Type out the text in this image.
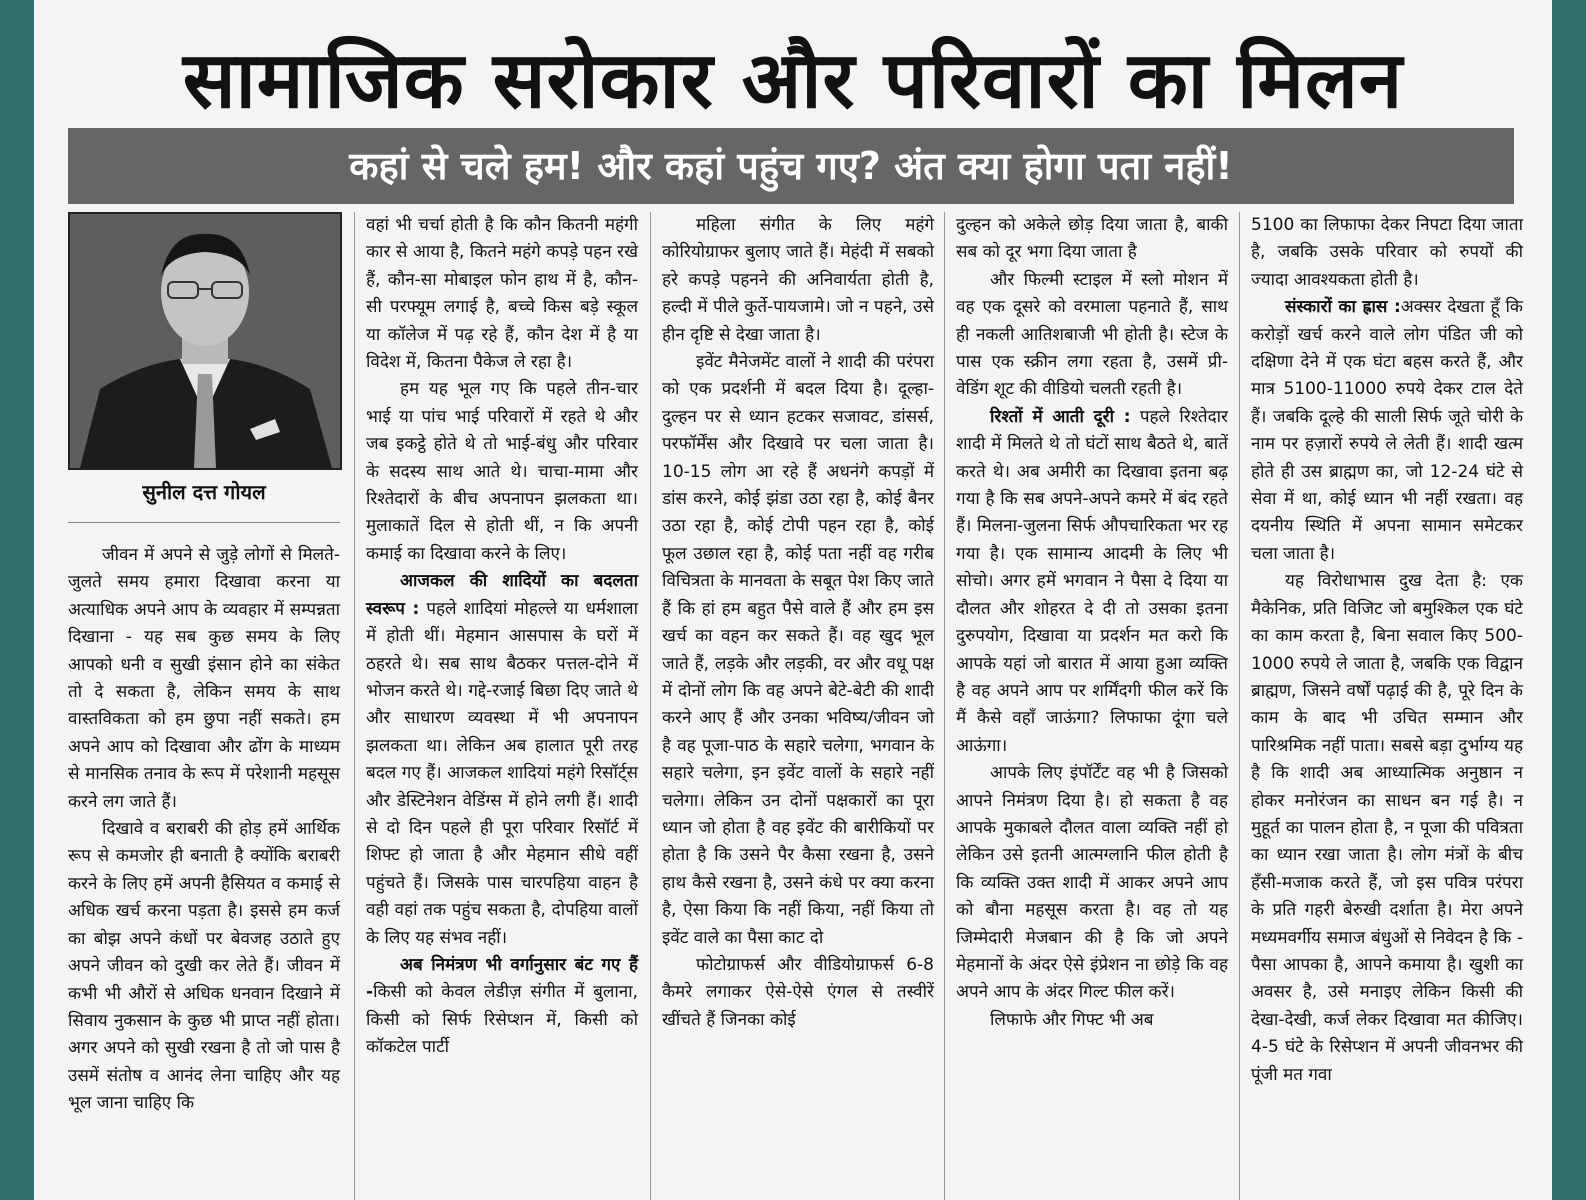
सामाजिक सरोकार और परिवारों का मिलन
कहां से चले हम! और कहां पहुंच गए? अंत क्या होगा पता नहीं!
सुनील दत्त गोयल

जीवन में अपने से जुड़े लोगों से मिलते-जुलते समय हमारा दिखावा करना या अत्याधिक अपने आप के व्यवहार में सम्पन्नता दिखाना - यह सब कुछ समय के लिए आपको धनी व सुखी इंसान होने का संकेत तो दे सकता है, लेकिन समय के साथ वास्तविकता को हम छुपा नहीं सकते। हम अपने आप को दिखावा और ढोंग के माध्यम से मानसिक तनाव के रूप में परेशानी महसूस करने लग जाते हैं।

दिखावे व बराबरी की होड़ हमें आर्थिक रूप से कमजोर ही बनाती है क्योंकि बराबरी करने के लिए हमें अपनी हैसियत व कमाई से अधिक खर्च करना पड़ता है। इससे हम कर्ज का बोझ अपने कंधों पर बेवजह उठाते हुए अपने जीवन को दुखी कर लेते हैं। जीवन में कभी भी औरों से अधिक धनवान दिखाने में सिवाय नुकसान के कुछ भी प्राप्त नहीं होता। अगर अपने को सुखी रखना है तो जो पास है उसमें संतोष व आनंद लेना चाहिए और यह भूल जाना चाहिए कि

वहां भी चर्चा होती है कि कौन कितनी महंगी कार से आया है, कितने महंगे कपड़े पहन रखे हैं, कौन-सा मोबाइल फोन हाथ में है, कौन-सी परफ्यूम लगाई है, बच्चे किस बड़े स्कूल या कॉलेज में पढ़ रहे हैं, कौन देश में है या विदेश में, कितना पैकेज ले रहा है।

हम यह भूल गए कि पहले तीन-चार भाई या पांच भाई परिवारों में रहते थे और जब इकट्ठे होते थे तो भाई-बंधु और परिवार के सदस्य साथ आते थे। चाचा-मामा और रिश्तेदारों के बीच अपनापन झलकता था। मुलाकातें दिल से होती थीं, न कि अपनी कमाई का दिखावा करने के लिए।

आजकल की शादियों का बदलता स्वरूप : पहले शादियां मोहल्ले या धर्मशाला में होती थीं। मेहमान आसपास के घरों में ठहरते थे। सब साथ बैठकर पत्तल-दोने में भोजन करते थे। गद्दे-रजाई बिछा दिए जाते थे और साधारण व्यवस्था में भी अपनापन झलकता था। लेकिन अब हालात पूरी तरह बदल गए हैं। आजकल शादियां महंगे रिसॉर्ट्स और डेस्टिनेशन वेडिंग्स में होने लगी हैं। शादी से दो दिन पहले ही पूरा परिवार रिसॉर्ट में शिफ्ट हो जाता है और मेहमान सीधे वहीं पहुंचते हैं। जिसके पास चारपहिया वाहन है वही वहां तक पहुंच सकता है, दोपहिया वालों के लिए यह संभव नहीं।

अब निमंत्रण भी वर्गानुसार बंट गए हैं -किसी को केवल लेडीज़ संगीत में बुलाना, किसी को सिर्फ रिसेप्शन में, किसी को कॉकटेल पार्टी

महिला संगीत के लिए महंगे कोरियोग्राफर बुलाए जाते हैं। मेहंदी में सबको हरे कपड़े पहनने की अनिवार्यता होती है, हल्दी में पीले कुर्ते-पायजामे। जो न पहने, उसे हीन दृष्टि से देखा जाता है।

इवेंट मैनेजमेंट वालों ने शादी की परंपरा को एक प्रदर्शनी में बदल दिया है। दूल्हा-दुल्हन पर से ध्यान हटकर सजावट, डांसर्स, परफॉर्मेंस और दिखावे पर चला जाता है। 10-15 लोग आ रहे हैं अधनंगे कपड़ों में डांस करने, कोई झंडा उठा रहा है, कोई बैनर उठा रहा है, कोई टोपी पहन रहा है, कोई फूल उछाल रहा है, कोई पता नहीं वह गरीब विचित्रता के मानवता के सबूत पेश किए जाते हैं कि हां हम बहुत पैसे वाले हैं और हम इस खर्च का वहन कर सकते हैं। वह खुद भूल जाते हैं, लड़के और लड़की, वर और वधू पक्ष में दोनों लोग कि वह अपने बेटे-बेटी की शादी करने आए हैं और उनका भविष्य/जीवन जो है वह पूजा-पाठ के सहारे चलेगा, भगवान के सहारे चलेगा, इन इवेंट वालों के सहारे नहीं चलेगा। लेकिन उन दोनों पक्षकारों का पूरा ध्यान जो होता है वह इवेंट की बारीकियों पर होता है कि उसने पैर कैसा रखना है, उसने हाथ कैसे रखना है, उसने कंधे पर क्या करना है, ऐसा किया कि नहीं किया, नहीं किया तो इवेंट वाले का पैसा काट दो

फोटोग्राफर्स और वीडियोग्राफर्स 6-8 कैमरे लगाकर ऐसे-ऐसे एंगल से तस्वीरें खींचते हैं जिनका कोई

दुल्हन को अकेले छोड़ दिया जाता है, बाकी सब को दूर भगा दिया जाता है

और फिल्मी स्टाइल में स्लो मोशन में वह एक दूसरे को वरमाला पहनाते हैं, साथ ही नकली आतिशबाजी भी होती है। स्टेज के पास एक स्क्रीन लगा रहता है, उसमें प्री-वेडिंग शूट की वीडियो चलती रहती है।

रिश्तों में आती दूरी : पहले रिश्तेदार शादी में मिलते थे तो घंटों साथ बैठते थे, बातें करते थे। अब अमीरी का दिखावा इतना बढ़ गया है कि सब अपने-अपने कमरे में बंद रहते हैं। मिलना-जुलना सिर्फ औपचारिकता भर रह गया है। एक सामान्य आदमी के लिए भी सोचो। अगर हमें भगवान ने पैसा दे दिया या दौलत और शोहरत दे दी तो उसका इतना दुरुपयोग, दिखावा या प्रदर्शन मत करो कि आपके यहां जो बारात में आया हुआ व्यक्ति है वह अपने आप पर शर्मिंदगी फील करें कि मैं कैसे वहाँ जाऊंगा? लिफाफा दूंगा चले आऊंगा।

आपके लिए इंपॉर्टेंट वह भी है जिसको आपने निमंत्रण दिया है। हो सकता है वह आपके मुकाबले दौलत वाला व्यक्ति नहीं हो लेकिन उसे इतनी आत्मग्लानि फील होती है कि व्यक्ति उक्त शादी में आकर अपने आप को बौना महसूस करता है। वह तो यह जिम्मेदारी मेजबान की है कि जो अपने मेहमानों के अंदर ऐसे इंप्रेशन ना छोड़े कि वह अपने आप के अंदर गिल्ट फील करें।

लिफाफे और गिफ्ट भी अब

5100 का लिफाफा देकर निपटा दिया जाता है, जबकि उसके परिवार को रुपयों की ज्यादा आवश्यकता होती है।

संस्कारों का ह्रास :अक्सर देखता हूँ कि करोड़ों खर्च करने वाले लोग पंडित जी को दक्षिणा देने में एक घंटा बहस करते हैं, और मात्र 5100-11000 रुपये देकर टाल देते हैं। जबकि दूल्हे की साली सिर्फ जूते चोरी के नाम पर हज़ारों रुपये ले लेती हैं। शादी खत्म होते ही उस ब्राह्मण का, जो 12-24 घंटे से सेवा में था, कोई ध्यान भी नहीं रखता। वह दयनीय स्थिति में अपना सामान समेटकर चला जाता है।

यह विरोधाभास दुख देता है: एक मैकेनिक, प्रति विजिट जो बमुश्किल एक घंटे का काम करता है, बिना सवाल किए 500-1000 रुपये ले जाता है, जबकि एक विद्वान ब्राह्मण, जिसने वर्षों पढ़ाई की है, पूरे दिन के काम के बाद भी उचित सम्मान और पारिश्रमिक नहीं पाता। सबसे बड़ा दुर्भाग्य यह है कि शादी अब आध्यात्मिक अनुष्ठान न होकर मनोरंजन का साधन बन गई है। न मुहूर्त का पालन होता है, न पूजा की पवित्रता का ध्यान रखा जाता है। लोग मंत्रों के बीच हँसी-मजाक करते हैं, जो इस पवित्र परंपरा के प्रति गहरी बेरुखी दर्शाता है। मेरा अपने मध्यमवर्गीय समाज बंधुओं से निवेदन है कि - पैसा आपका है, आपने कमाया है। खुशी का अवसर है, उसे मनाइए लेकिन किसी की देखा-देखी, कर्ज लेकर दिखावा मत कीजिए। 4-5 घंटे के रिसेप्शन में अपनी जीवनभर की पूंजी मत गवा
